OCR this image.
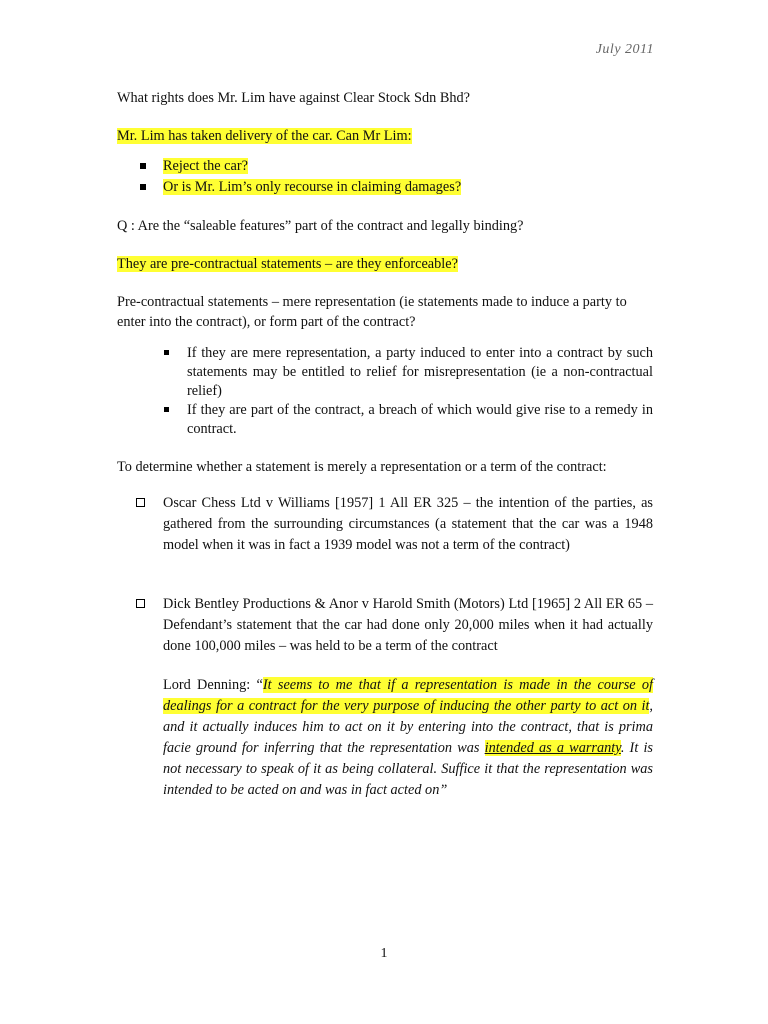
July 2011

What rights does Mr. Lim have against Clear Stock Sdn Bhd?

Mr. Lim has taken delivery of the car. Can Mr Lim:

Reject the car?
Or is Mr. Lim’s only recourse in claiming damages?

Q : Are the “saleable features” part of the contract and legally binding?

They are pre-contractual statements – are they enforceable?

Pre-contractual statements – mere representation (ie statements made to induce a party to enter into the contract), or form part of the contract?

If they are mere representation, a party induced to enter into a contract by such statements may be entitled to relief for misrepresentation (ie a non-contractual relief)
If they are part of the contract, a breach of which would give rise to a remedy in contract.

To determine whether a statement is merely a representation or a term of the contract:

Oscar Chess Ltd v Williams [1957] 1 All ER 325 – the intention of the parties, as gathered from the surrounding circumstances (a statement that the car was a 1948 model when it was in fact a 1939 model was not a term of the contract)
Dick Bentley Productions & Anor v Harold Smith (Motors) Ltd [1965] 2 All ER 65 – Defendant’s statement that the car had done only 20,000 miles when it had actually done 100,000 miles – was held to be a term of the contract

Lord Denning: “It seems to me that if a representation is made in the course of dealings for a contract for the very purpose of inducing the other party to act on it, and it actually induces him to act on it by entering into the contract, that is prima facie ground for inferring that the representation was intended as a warranty. It is not necessary to speak of it as being collateral. Suffice it that the representation was intended to be acted on and was in fact acted on”

1
